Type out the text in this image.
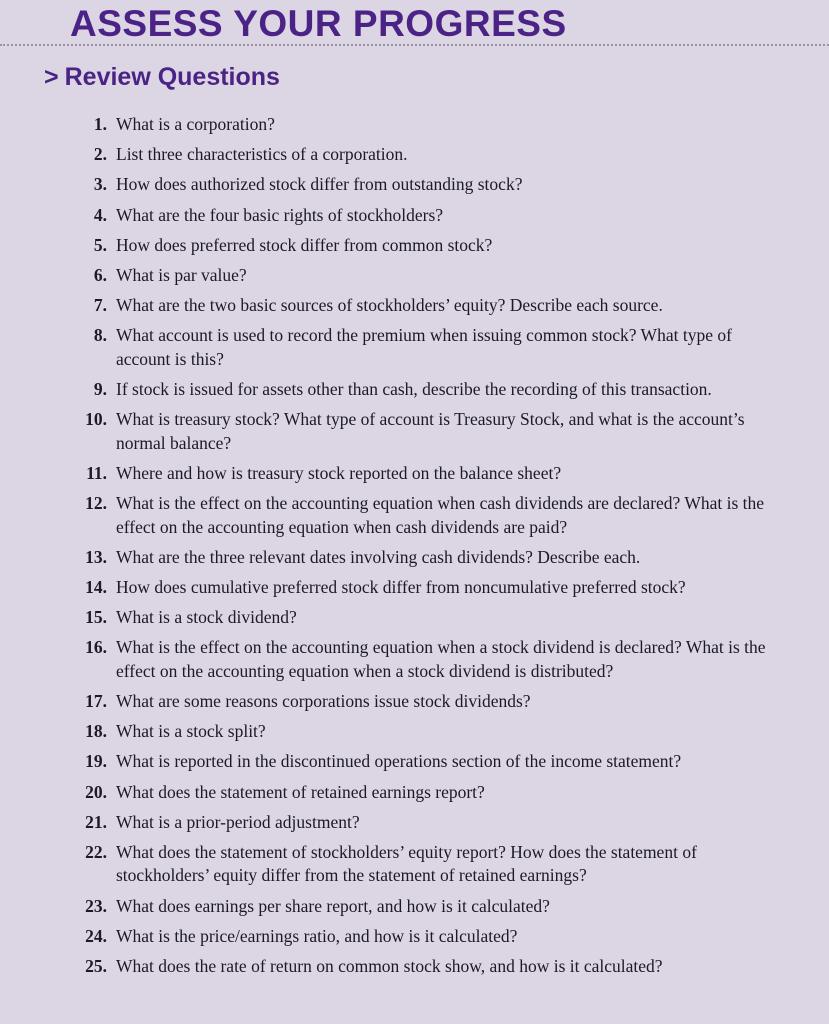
ASSESS YOUR PROGRESS
> Review Questions
1. What is a corporation?
2. List three characteristics of a corporation.
3. How does authorized stock differ from outstanding stock?
4. What are the four basic rights of stockholders?
5. How does preferred stock differ from common stock?
6. What is par value?
7. What are the two basic sources of stockholders’ equity? Describe each source.
8. What account is used to record the premium when issuing common stock? What type of account is this?
9. If stock is issued for assets other than cash, describe the recording of this transaction.
10. What is treasury stock? What type of account is Treasury Stock, and what is the account’s normal balance?
11. Where and how is treasury stock reported on the balance sheet?
12. What is the effect on the accounting equation when cash dividends are declared? What is the effect on the accounting equation when cash dividends are paid?
13. What are the three relevant dates involving cash dividends? Describe each.
14. How does cumulative preferred stock differ from noncumulative preferred stock?
15. What is a stock dividend?
16. What is the effect on the accounting equation when a stock dividend is declared? What is the effect on the accounting equation when a stock dividend is distributed?
17. What are some reasons corporations issue stock dividends?
18. What is a stock split?
19. What is reported in the discontinued operations section of the income statement?
20. What does the statement of retained earnings report?
21. What is a prior-period adjustment?
22. What does the statement of stockholders’ equity report? How does the statement of stockholders’ equity differ from the statement of retained earnings?
23. What does earnings per share report, and how is it calculated?
24. What is the price/earnings ratio, and how is it calculated?
25. What does the rate of return on common stock show, and how is it calculated?
